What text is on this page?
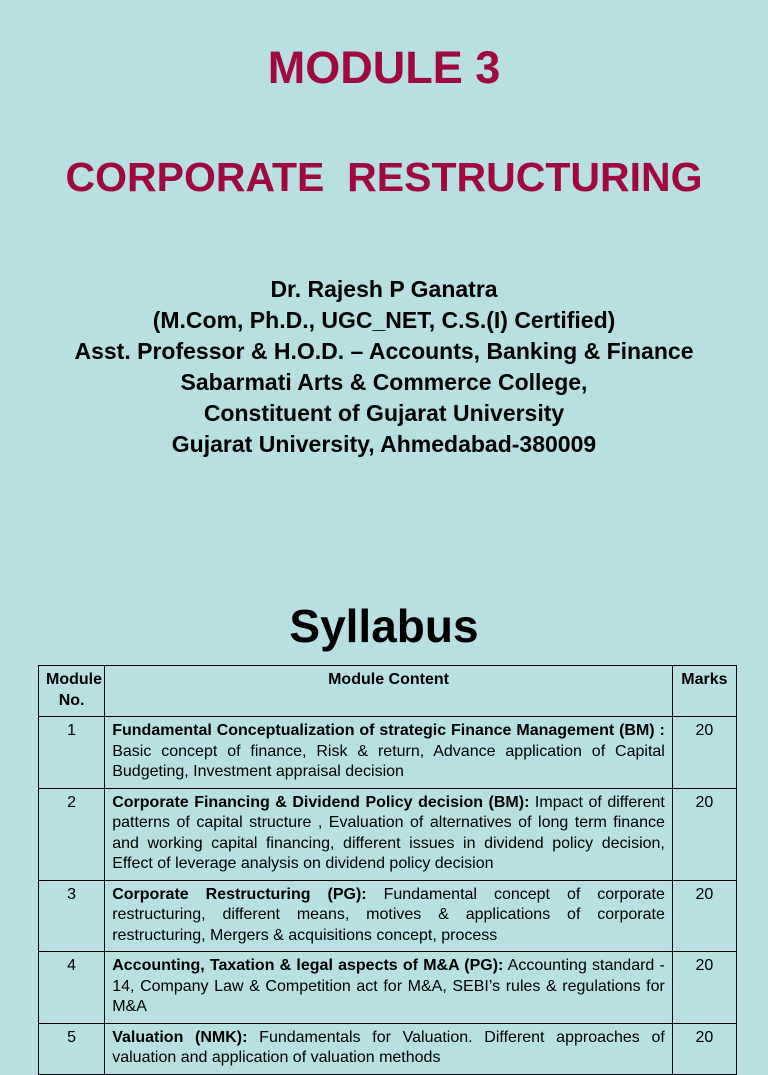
MODULE 3
CORPORATE  RESTRUCTURING
Dr. Rajesh P Ganatra
(M.Com, Ph.D., UGC_NET, C.S.(I) Certified)
Asst. Professor & H.O.D. – Accounts, Banking & Finance
Sabarmati Arts & Commerce College,
Constituent of Gujarat University
Gujarat University, Ahmedabad-380009
Syllabus
Module No.	Module Content	Marks
1	Fundamental Conceptualization of strategic Finance Management (BM) : Basic concept of finance, Risk & return, Advance application of Capital Budgeting, Investment appraisal decision	20
2	Corporate Financing & Dividend Policy decision (BM): Impact of different patterns of capital structure , Evaluation of alternatives of long term finance and working capital financing, different issues in dividend policy decision, Effect of leverage analysis on dividend policy decision	20
3	Corporate Restructuring (PG): Fundamental concept of corporate restructuring, different means, motives & applications of corporate restructuring, Mergers & acquisitions concept, process	20
4	Accounting, Taxation & legal aspects of M&A (PG): Accounting standard - 14, Company Law & Competition act for M&A, SEBI’s rules & regulations for M&A	20
5	Valuation (NMK): Fundamentals for Valuation. Different approaches of valuation and application of valuation methods	20
